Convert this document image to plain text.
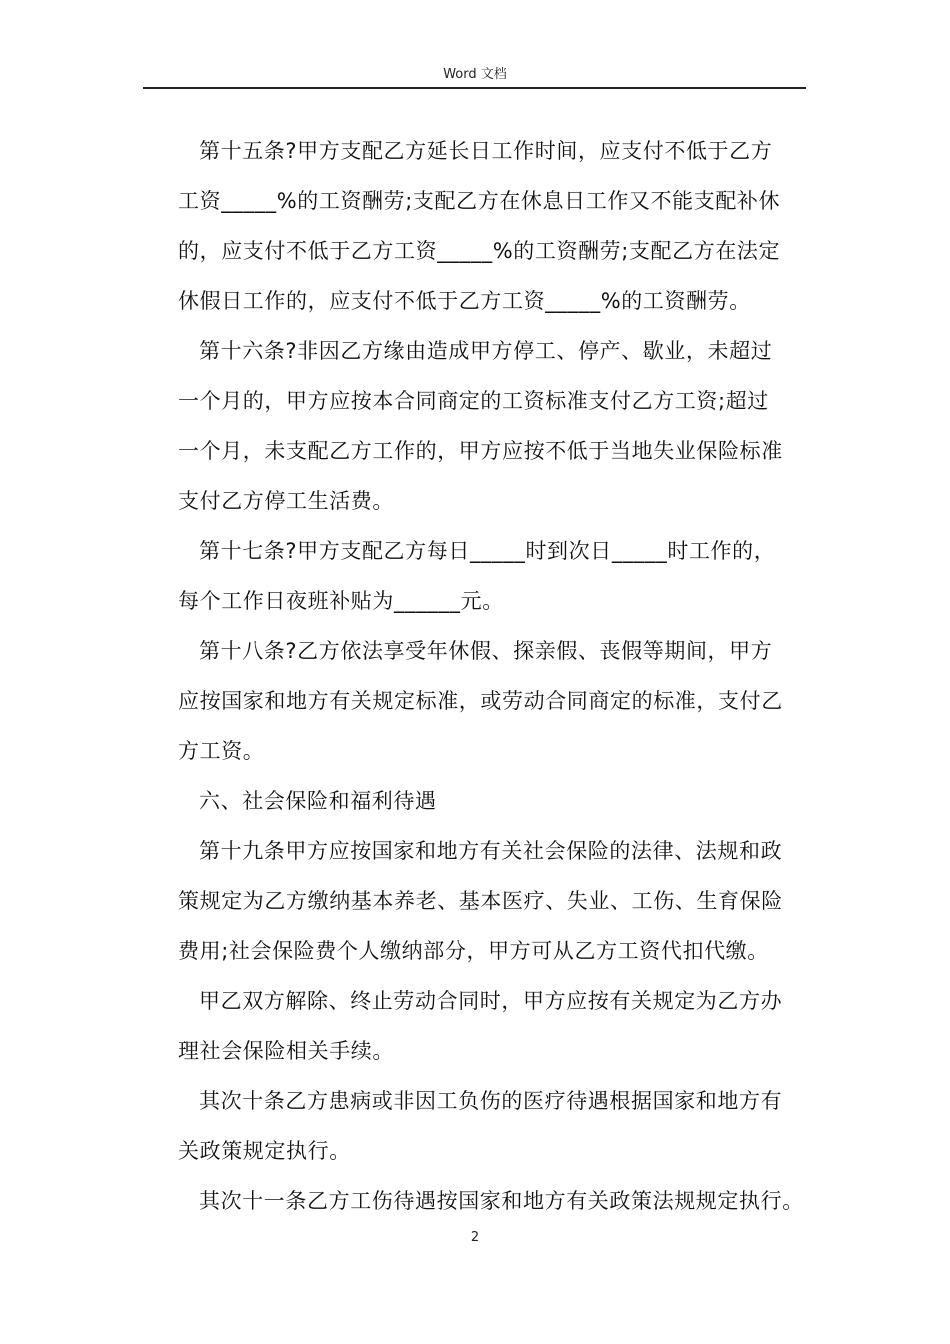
Word 文档
第十五条?甲方支配乙方延长日工作时间，应支付不低于乙方
工资_____%的工资酬劳;支配乙方在休息日工作又不能支配补休
的，应支付不低于乙方工资_____%的工资酬劳;支配乙方在法定
休假日工作的，应支付不低于乙方工资_____%的工资酬劳。
第十六条?非因乙方缘由造成甲方停工、停产、歇业，未超过
一个月的，甲方应按本合同商定的工资标准支付乙方工资;超过
一个月，未支配乙方工作的，甲方应按不低于当地失业保险标准
支付乙方停工生活费。
第十七条?甲方支配乙方每日_____时到次日_____时工作的，
每个工作日夜班补贴为______元。
第十八条?乙方依法享受年休假、探亲假、丧假等期间，甲方
应按国家和地方有关规定标准，或劳动合同商定的标准，支付乙
方工资。
六、社会保险和福利待遇
第十九条甲方应按国家和地方有关社会保险的法律、法规和政
策规定为乙方缴纳基本养老、基本医疗、失业、工伤、生育保险
费用;社会保险费个人缴纳部分，甲方可从乙方工资代扣代缴。
甲乙双方解除、终止劳动合同时，甲方应按有关规定为乙方办
理社会保险相关手续。
其次十条乙方患病或非因工负伤的医疗待遇根据国家和地方有
关政策规定执行。
其次十一条乙方工伤待遇按国家和地方有关政策法规规定执行。
2
